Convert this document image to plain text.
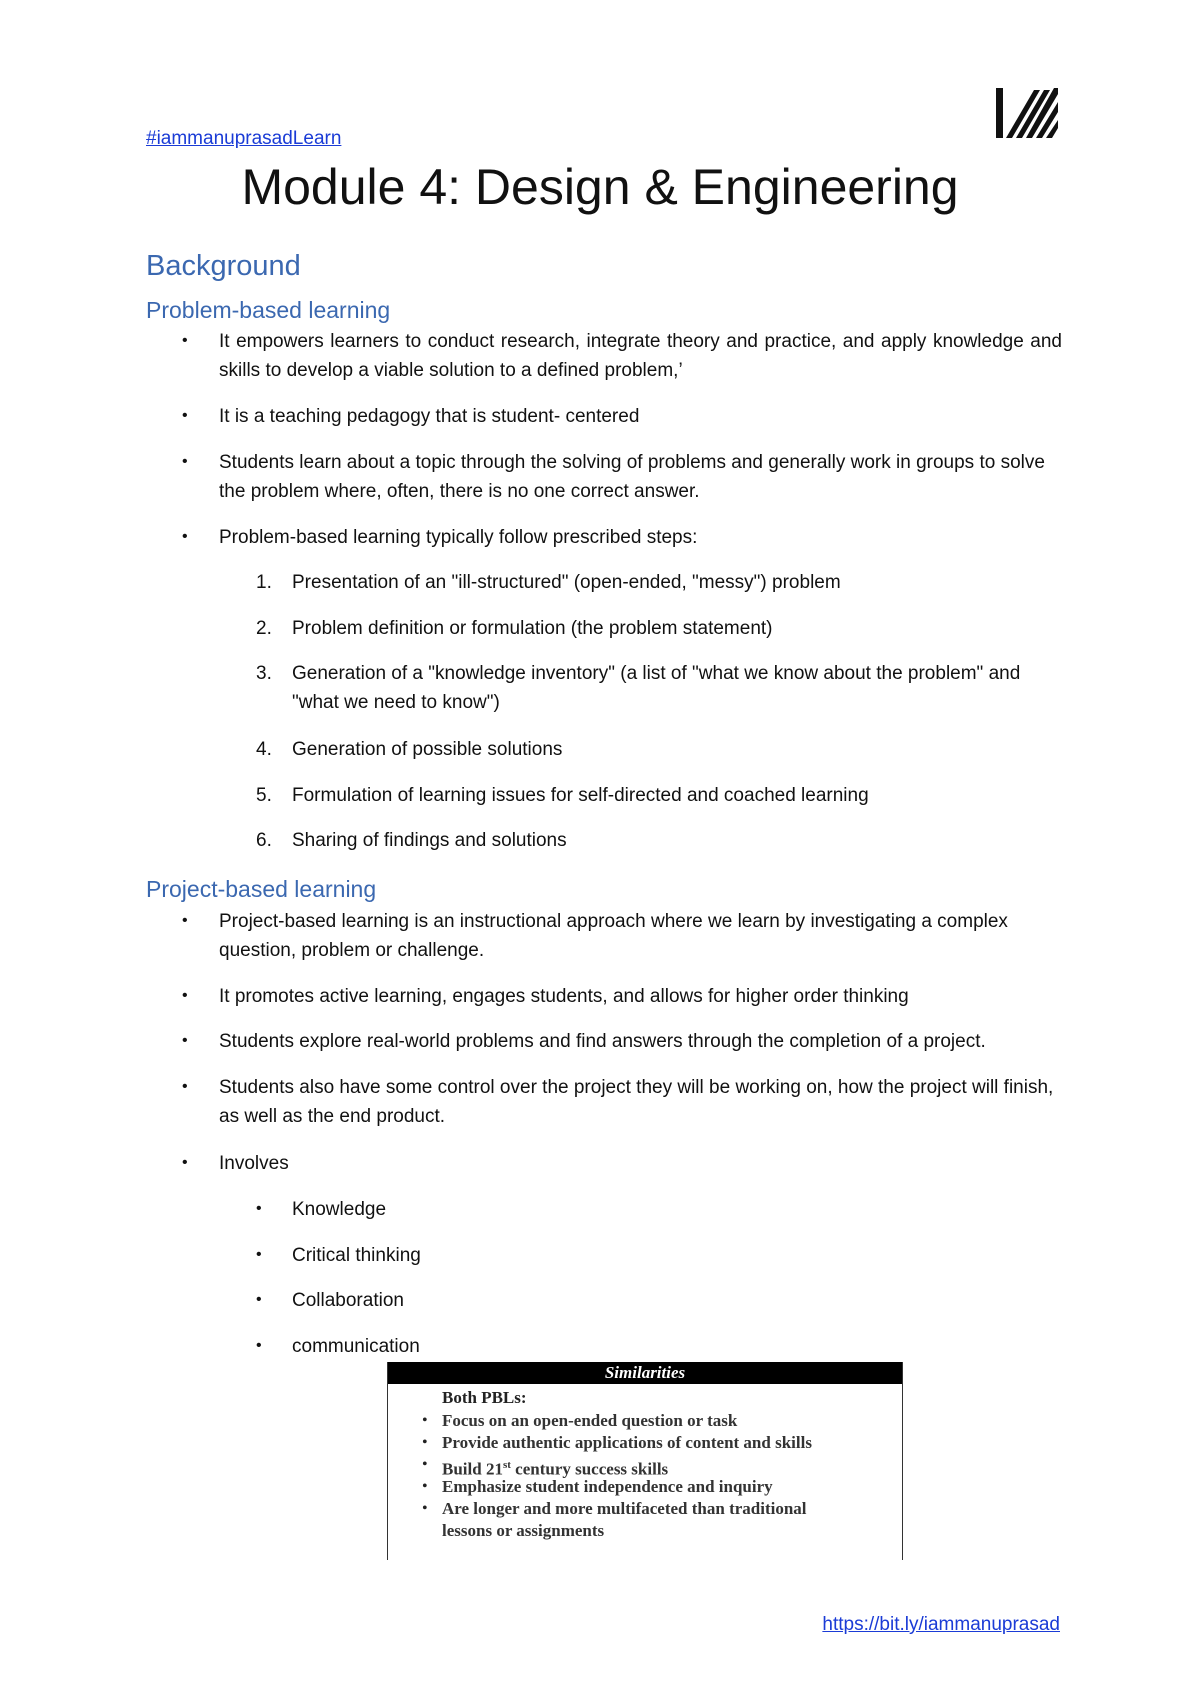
#iammanuprasadLearn
Module 4: Design & Engineering
Background
Problem-based learning
• It empowers learners to conduct research, integrate theory and practice, and apply knowledge and skills to develop a viable solution to a defined problem,’
• It is a teaching pedagogy that is student- centered
• Students learn about a topic through the solving of problems and generally work in groups to solve the problem where, often, there is no one correct answer.
• Problem-based learning typically follow prescribed steps:
1. Presentation of an "ill-structured" (open-ended, "messy") problem
2. Problem definition or formulation (the problem statement)
3. Generation of a "knowledge inventory" (a list of "what we know about the problem" and "what we need to know")
4. Generation of possible solutions
5. Formulation of learning issues for self-directed and coached learning
6. Sharing of findings and solutions
Project-based learning
• Project-based learning is an instructional approach where we learn by investigating a complex question, problem or challenge.
• It promotes active learning, engages students, and allows for higher order thinking
• Students explore real-world problems and find answers through the completion of a project.
• Students also have some control over the project they will be working on, how the project will finish, as well as the end product.
• Involves
• Knowledge
• Critical thinking
• Collaboration
• communication
Similarities
Both PBLs:
• Focus on an open-ended question or task
• Provide authentic applications of content and skills
• Build 21st century success skills
• Emphasize student independence and inquiry
• Are longer and more multifaceted than traditional
lessons or assignments
https://bit.ly/iammanuprasad
